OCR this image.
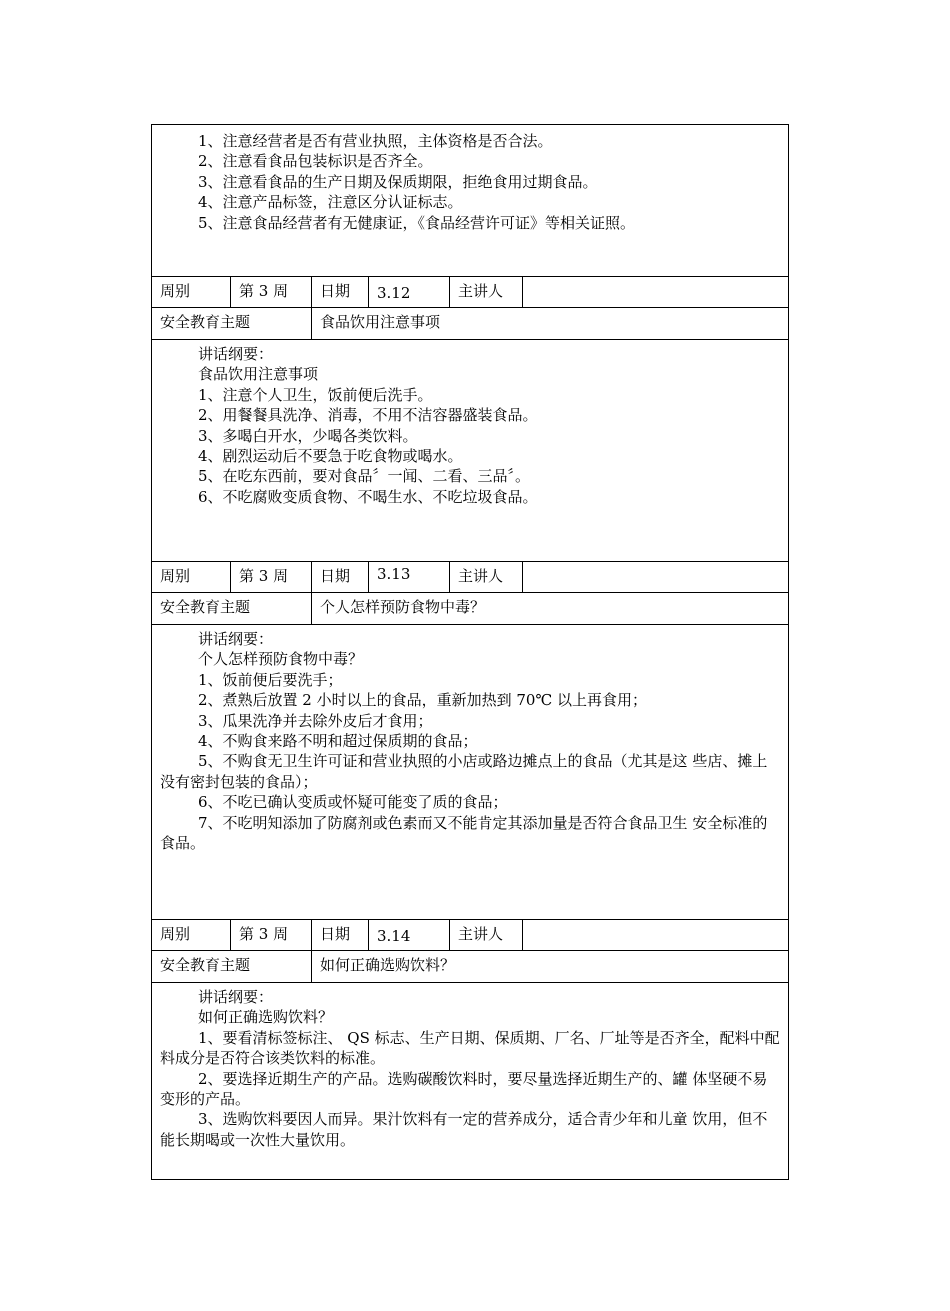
1、注意经营者是否有营业执照，主体资格是否合法。
2、注意看食品包装标识是否齐全。
3、注意看食品的生产日期及保质期限，拒绝食用过期食品。
4、注意产品标签，注意区分认证标志。
5、注意食品经营者有无健康证，《食品经营许可证》等相关证照。
周别	第 3 周	日期	3.12	主讲人
安全教育主题	食品饮用注意事项
讲话纲要：
食品饮用注意事项
1、注意个人卫生，饭前便后洗手。
2、用餐餐具洗净、消毒，不用不洁容器盛装食品。
3、多喝白开水，少喝各类饮料。
4、剧烈运动后不要急于吃食物或喝水。
5、在吃东西前，要对食品〞一闻、二看、三品〞。
6、不吃腐败变质食物、不喝生水、不吃垃圾食品。
周别	第 3 周	日期	3.13	主讲人
安全教育主题	个人怎样预防食物中毒？
讲话纲要：
个人怎样预防食物中毒？
1、饭前便后要洗手；
2、煮熟后放置 2 小时以上的食品，重新加热到 70℃ 以上再食用；
3、瓜果洗净并去除外皮后才食用；
4、不购食来路不明和超过保质期的食品；
5、不购食无卫生许可证和营业执照的小店或路边摊点上的食品（尤其是这 些店、摊上没有密封包装的食品）；
6、不吃已确认变质或怀疑可能变了质的食品；
7、不吃明知添加了防腐剂或色素而又不能肯定其添加量是否符合食品卫生 安全标准的食品。
周别	第 3 周	日期	3.14	主讲人
安全教育主题	如何正确选购饮料？
讲话纲要：
如何正确选购饮料？
1、要看清标签标注、 QS 标志、生产日期、保质期、厂名、厂址等是否齐全，配料中配料成分是否符合该类饮料的标准。
2、要选择近期生产的产品。选购碳酸饮料时，要尽量选择近期生产的、罐 体坚硬不易变形的产品。
3、选购饮料要因人而异。果汁饮料有一定的营养成分，适合青少年和儿童 饮用，但不能长期喝或一次性大量饮用。
